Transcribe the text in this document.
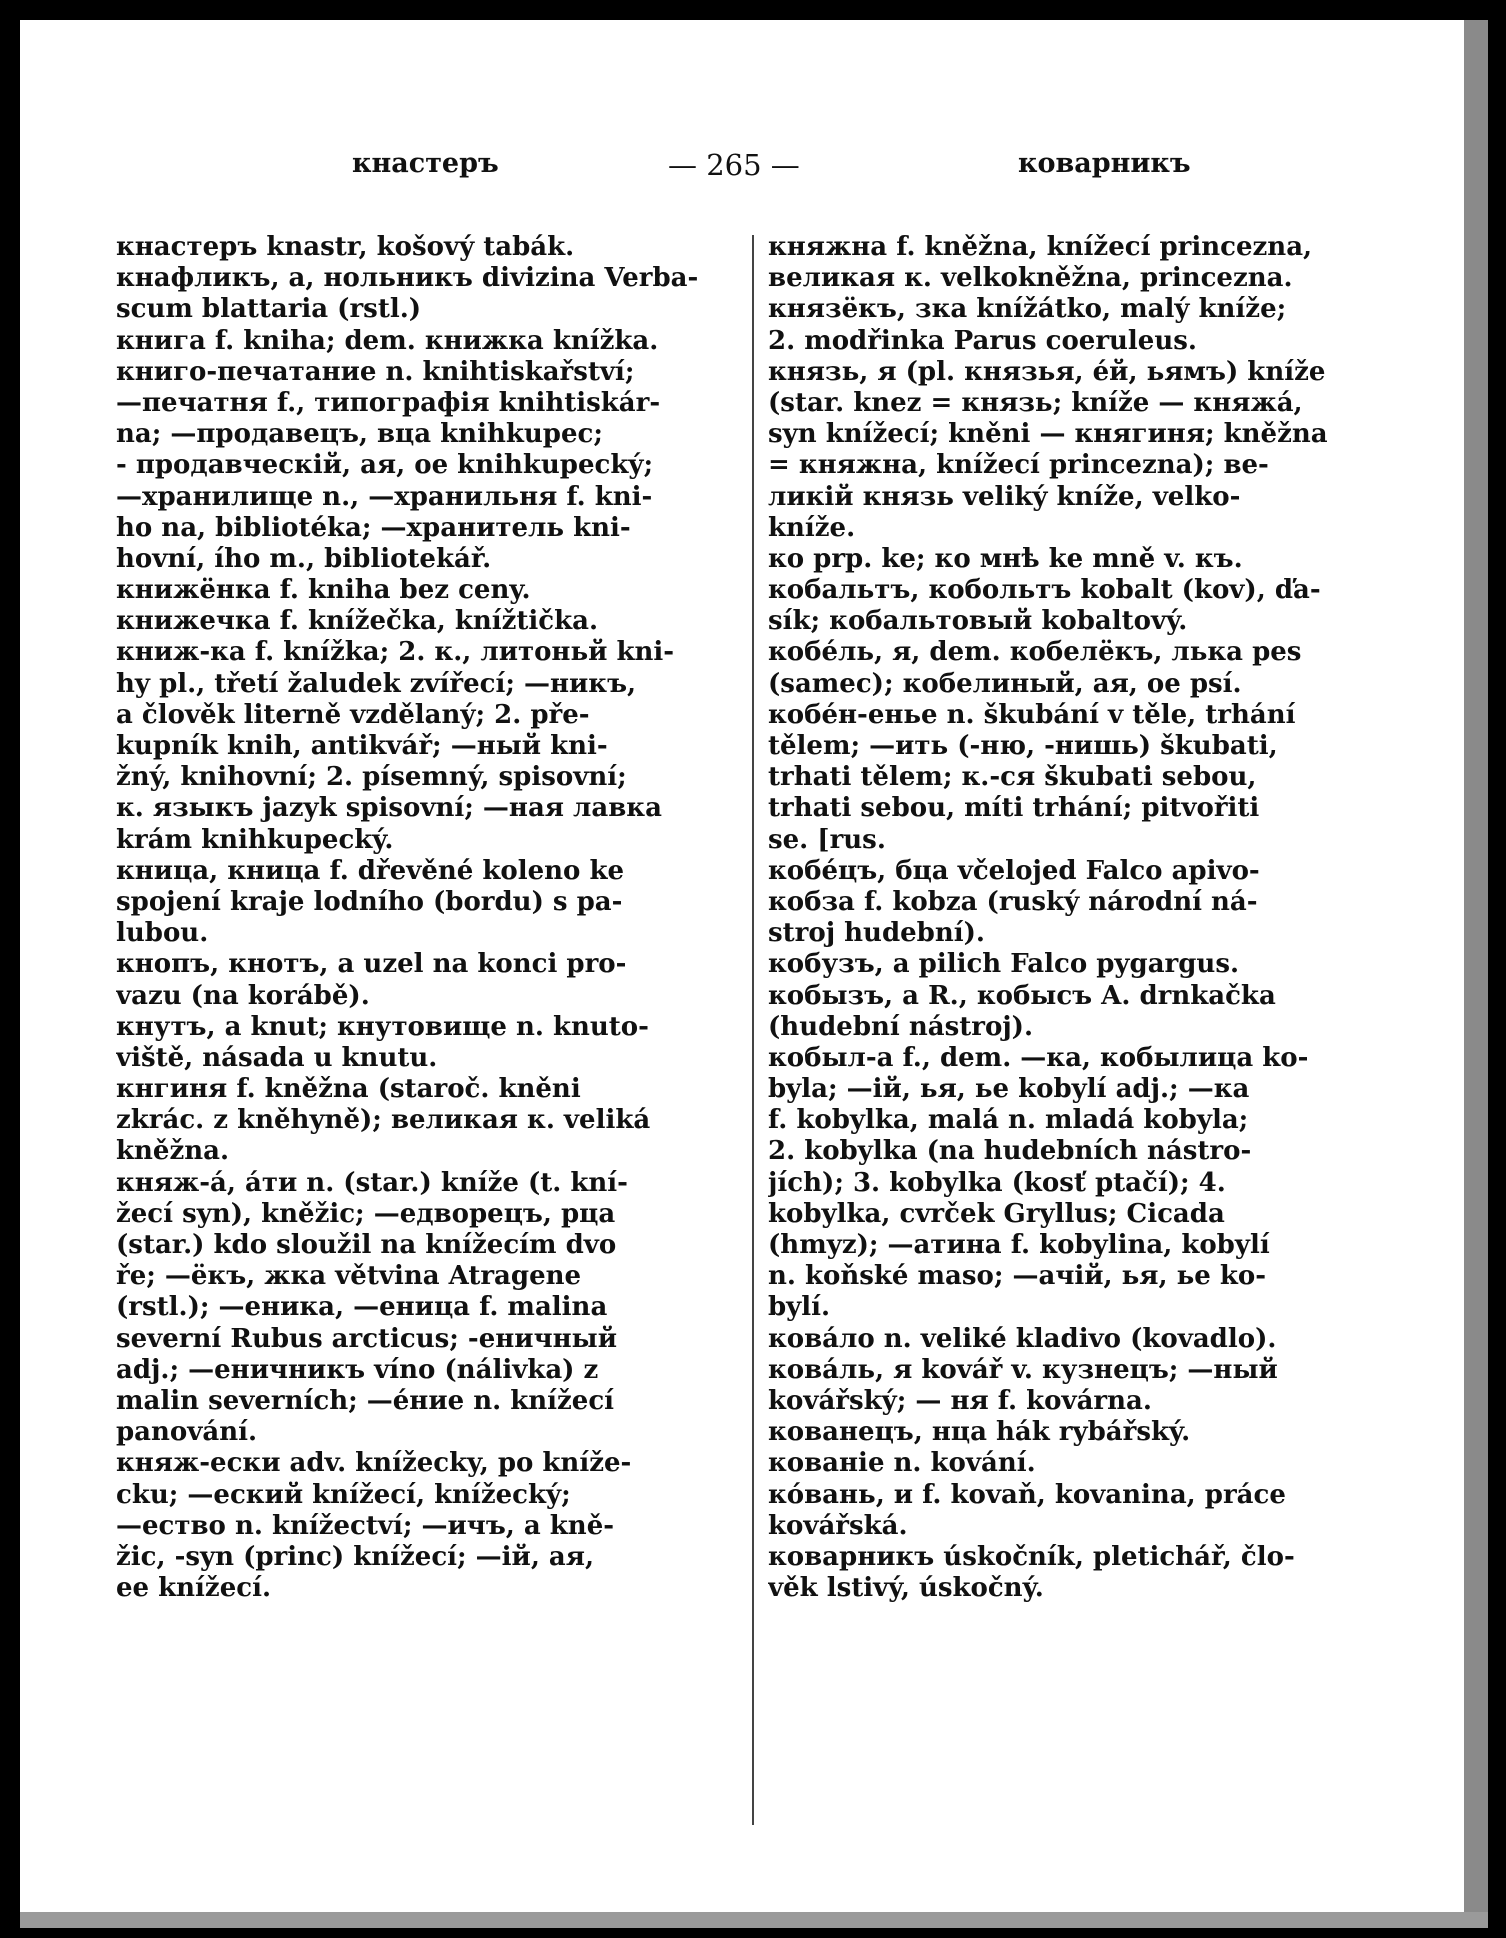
кнастеръ	— 265 —	коварникъ
кнастеръ knastr, košový tabák.
кнафликъ, а, нольникъ divizina Verba-
scum blattaria (rstl.)
книга f. kniha; dem. книжка knížka.
книго-печатание n. knihtiskařství;
—печатня f., типографія knihtiskár-
na; —продавецъ, вца knihkupec;
- продавческій, ая, ое knihkupecký;
—хранилище n., —хранильня f. kni-
ho na, bibliotéka; —хранитель kni-
hovní, ího m., bibliotekář.
книжёнка f. kniha bez ceny.
книжечка f. knížečka, knížtička.
книж-ка f. knížka; 2. к., литоньй kni-
hy pl., třetí žaludek zvířecí; —никъ,
a člověk literně vzdělaný; 2. pře-
kupník knih, antikvář; —ный kni-
žný, knihovní; 2. písemný, spisovní;
к. языкъ jazyk spisovní; —ная лавка
krám knihkupecký.
кница, кница f. dřevěné koleno ke
spojení kraje lodního (bordu) s pa-
lubou.
кнопъ, кнотъ, a uzel na konci pro-
vazu (na korábě).
кнутъ, a knut; кнутовище n. knuto-
viště, násada u knutu.
кнгиня f. kněžna (staroč. kněni
zkrác. z kněhyně); великая к. veliká
kněžna.
княж-á, áти n. (star.) kníže (t. kní-
žecí syn), kněžic; —едворецъ, рца
(star.) kdo sloužil na knížecím dvo
ře; —ёкъ, жка větvina Atragene
(rstl.); —еника, —еница f. malina
severní Rubus arcticus; -еничный
adj.; —еничникъ víno (nálivka) z
malin severních; —éние n. knížecí
panování.
княж-ески adv. knížecky, po kníže-
cku; —еский knížecí, knížecký;
—ество n. knížectví; —ичъ, a kně-
žic, -syn (princ) knížecí; —ій, ая,
ee knížecí.
княжна f. kněžna, knížecí princezna,
великая к. velkokněžna, princezna.
князёкъ, зка knížátko, malý kníže;
2. modřinka Parus coeruleus.
князь, я (pl. князья, éй, ьямъ) kníže
(star. knez = князь; kníže — княжá,
syn knížecí; kněni — княгиня; kněžna
= княжна, knížecí princezna); ве-
ликій князь veliký kníže, velko-
kníže.
ко prp. ke; ко мнѣ ke mně v. къ.
кобальтъ, кобольтъ kobalt (kov), ďa-
sík; кобальтовый kobaltový.
кобéль, я, dem. кобелёкъ, лька pes
(samec); кобелиный, ая, ое psí.
кобéн-енье n. škubání v těle, trhání
tělem; —ить (-ню, -нишь) škubati,
trhati tělem; к.-ся škubati sebou,
trhati sebou, míti trhání; pitvořiti
se. [rus.
кобéцъ, бца včelojed Falco apivo-
кобза f. kobza (ruský národní ná-
stroj hudební).
кобузъ, a pilich Falco pygargus.
кобызъ, a R., кобысъ A. drnkačka
(hudební nástroj).
кобыл-а f., dem. —ка, кобылица ko-
byla; —ій, ья, ье kobylí adj.; —ка
f. kobylka, malá n. mladá kobyla;
2. kobylka (na hudebních nástro-
jích); 3. kobylka (kosť ptačí); 4.
kobylka, cvrček Gryllus; Cicada
(hmyz); —атина f. kobylina, kobylí
n. koňské maso; —ачій, ья, ье ko-
bylí.
ковáло n. veliké kladivo (kovadlo).
ковáль, я kovář v. кузнецъ; —ный
kovářský; — ня f. kovárna.
кованецъ, нца hák rybářský.
кованіе n. kování.
кóвань, и f. kovaň, kovanina, práce
kovářská.
коварникъ úskočník, pletichář, člo-
věk lstivý, úskočný.
